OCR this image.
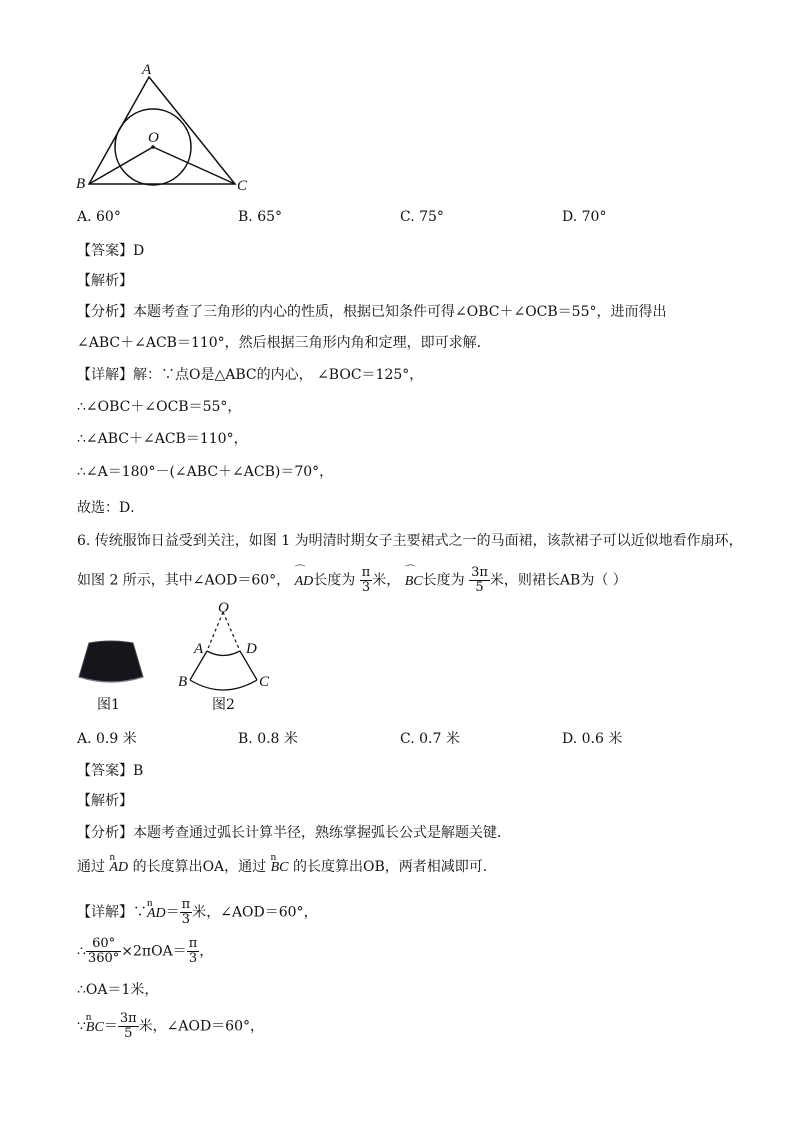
A
O
B	C
A. 60°	B. 65°	C. 75°	D. 70°
【答案】D
【解析】
【分析】本题考查了三角形的内心的性质，根据已知条件可得∠OBC＋∠OCB＝55°，进而得出
∠ABC＋∠ACB＝110°，然后根据三角形内角和定理，即可求解．
【详解】解：∵点O是△ABC的内心， ∠BOC＝125°，
∴∠OBC＋∠OCB＝55°，
∴∠ABC＋∠ACB＝110°，
∴∠A＝180°－(∠ABC＋∠ACB)＝70°，
故选：D．
6. 传统服饰日益受到关注，如图 1 为明清时期女子主要裙式之一的马面裙，该款裙子可以近似地看作扇环，
如图 2 所示，其中∠AOD＝60°， ⌒ AD长度为 $\frac{\pi}{3}$ 米， ⌒ BC长度为 $\frac{3\pi}{5}$ 米，则裙长AB为（ ）
图1
O
A	D
B	C
图2
A. 0.9 米	B. 0.8 米	C. 0.7 米	D. 0.6 米
【答案】B
【解析】
【分析】本题考查通过弧长计算半径，熟练掌握弧长公式是解题关键．
通过 n AD 的长度算出OA，通过 n BC 的长度算出OB，两者相减即可．
【详解】∵n $AD= \frac{\pi}{3}$ 米，∠AOD＝60°，
∴ $\frac{60^\circ}{360^\circ} \times 2\pi OA= \frac{\pi}{3}$ ，
∴OA＝1米，
∵n $BC= \frac{3\pi}{5}$ 米，∠AOD＝60°，
